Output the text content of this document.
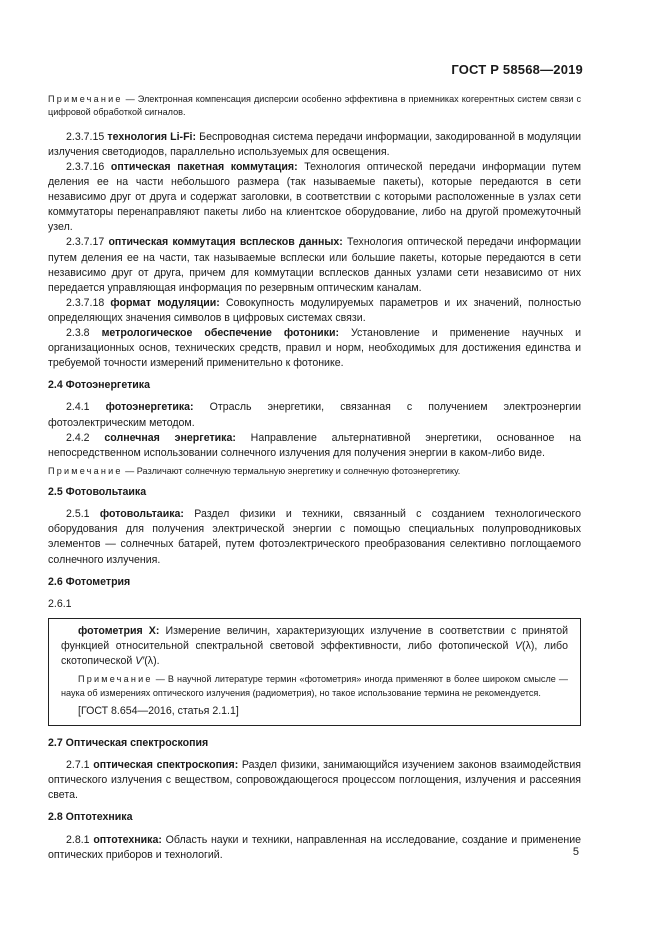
ГОСТ Р 58568—2019

Примечание — Электронная компенсация дисперсии особенно эффективна в приемниках когерентных систем связи с цифровой обработкой сигналов.

2.3.7.15 технология Li-Fi: Беспроводная система передачи информации, закодированной в модуляции излучения светодиодов, параллельно используемых для освещения.

2.3.7.16 оптическая пакетная коммутация: Технология оптической передачи информации путем деления ее на части небольшого размера (так называемые пакеты), которые передаются в сети независимо друг от друга и содержат заголовки, в соответствии с которыми расположенные в узлах сети коммутаторы перенаправляют пакеты либо на клиентское оборудование, либо на другой промежуточный узел.

2.3.7.17 оптическая коммутация всплесков данных: Технология оптической передачи информации путем деления ее на части, так называемые всплески или большие пакеты, которые передаются в сети независимо друг от друга, причем для коммутации всплесков данных узлами сети независимо от них передается управляющая информация по резервным оптическим каналам.

2.3.7.18 формат модуляции: Совокупность модулируемых параметров и их значений, полностью определяющих значения символов в цифровых системах связи.

2.3.8 метрологическое обеспечение фотоники: Установление и применение научных и организационных основ, технических средств, правил и норм, необходимых для достижения единства и требуемой точности измерений применительно к фотонике.

2.4 Фотоэнергетика

2.4.1 фотоэнергетика: Отрасль энергетики, связанная с получением электроэнергии фотоэлектрическим методом.

2.4.2 солнечная энергетика: Направление альтернативной энергетики, основанное на непосредственном использовании солнечного излучения для получения энергии в каком-либо виде.

Примечание — Различают солнечную термальную энергетику и солнечную фотоэнергетику.

2.5 Фотовольтаика

2.5.1 фотовольтаика: Раздел физики и техники, связанный с созданием технологического оборудования для получения электрической энергии с помощью специальных полупроводниковых элементов — солнечных батарей, путем фотоэлектрического преобразования селективно поглощаемого солнечного излучения.

2.6 Фотометрия

2.6.1

фотометрия X: Измерение величин, характеризующих излучение в соответствии с принятой функцией относительной спектральной световой эффективности, либо фотопической V(λ), либо скотопической V′(λ).

Примечание — В научной литературе термин «фотометрия» иногда применяют в более широком смысле — наука об измерениях оптического излучения (радиометрия), но такое использование термина не рекомендуется.

[ГОСТ 8.654—2016, статья 2.1.1]

2.7 Оптическая спектроскопия

2.7.1 оптическая спектроскопия: Раздел физики, занимающийся изучением законов взаимодействия оптического излучения с веществом, сопровождающегося процессом поглощения, излучения и рассеяния света.

2.8 Оптотехника

2.8.1 оптотехника: Область науки и техники, направленная на исследование, создание и применение оптических приборов и технологий.	5
